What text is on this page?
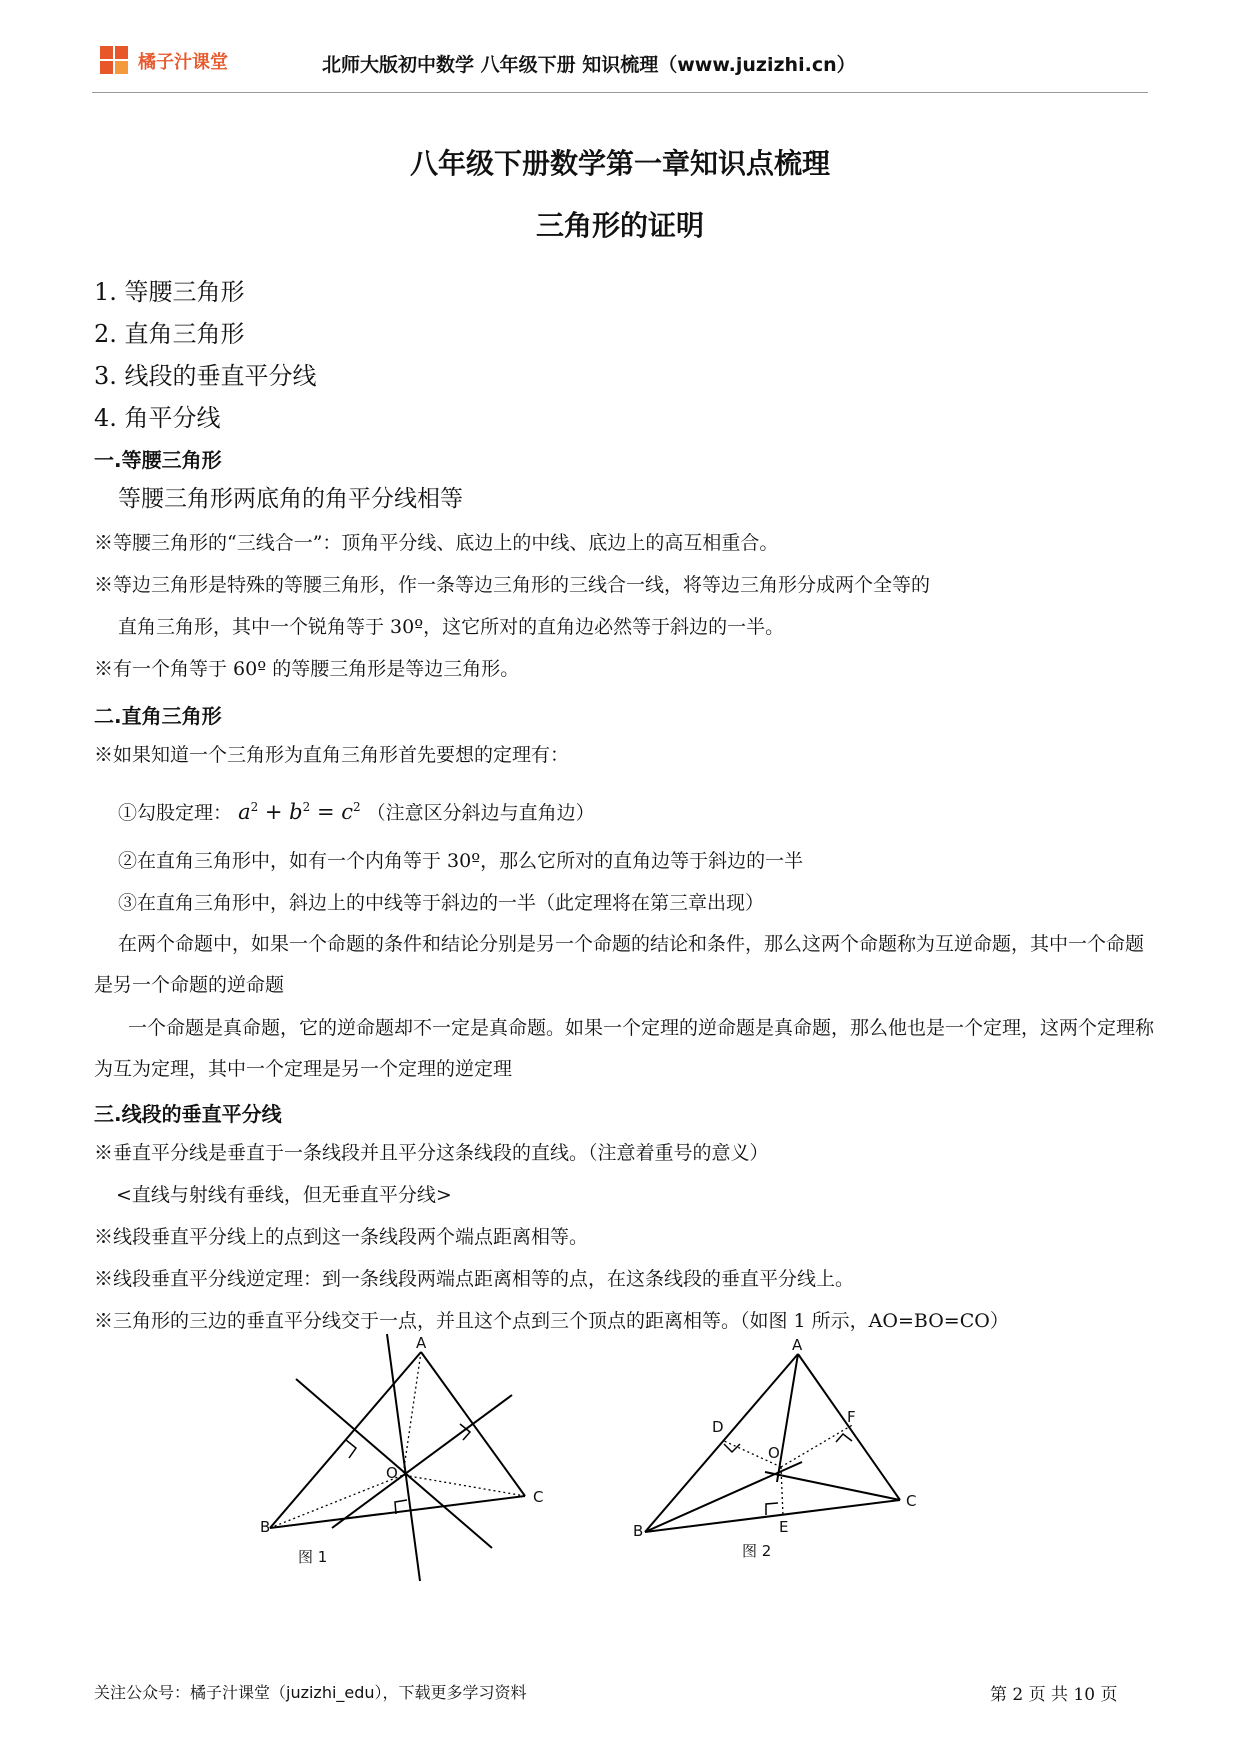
橘子汁课堂	北师大版初中数学 八年级下册 知识梳理（www.juzizhi.cn）
八年级下册数学第一章知识点梳理
三角形的证明
1. 等腰三角形
2. 直角三角形
3. 线段的垂直平分线
4. 角平分线
一.等腰三角形
等腰三角形两底角的角平分线相等
※等腰三角形的“三线合一”：顶角平分线、底边上的中线、底边上的高互相重合。
※等边三角形是特殊的等腰三角形，作一条等边三角形的三线合一线，将等边三角形分成两个全等的
直角三角形，其中一个锐角等于 30º，这它所对的直角边必然等于斜边的一半。
※有一个角等于 60º 的等腰三角形是等边三角形。
二.直角三角形
※如果知道一个三角形为直角三角形首先要想的定理有：
①勾股定理： $a^2 + b^2 = c^2$ （注意区分斜边与直角边）
②在直角三角形中，如有一个内角等于 30º，那么它所对的直角边等于斜边的一半
③在直角三角形中，斜边上的中线等于斜边的一半（此定理将在第三章出现）
在两个命题中，如果一个命题的条件和结论分别是另一个命题的结论和条件，那么这两个命题称为互逆命题，其中一个命题是另一个命题的逆命题
一个命题是真命题，它的逆命题却不一定是真命题。如果一个定理的逆命题是真命题，那么他也是一个定理，这两个定理称为互为定理，其中一个定理是另一个定理的逆定理
三.线段的垂直平分线
※垂直平分线是垂直于一条线段并且平分这条线段的直线。（注意着重号的意义）
<直线与射线有垂线，但无垂直平分线>
※线段垂直平分线上的点到这一条线段两个端点距离相等。
※线段垂直平分线逆定理：到一条线段两端点距离相等的点，在这条线段的垂直平分线上。
※三角形的三边的垂直平分线交于一点，并且这个点到三个顶点的距离相等。（如图 1 所示，AO=BO=CO）
A
B
C
O
图 1
A
B
C
D
E
F
O
图 2
关注公众号：橘子汁课堂（juzizhi_edu），下载更多学习资料	第 2 页 共 10 页
